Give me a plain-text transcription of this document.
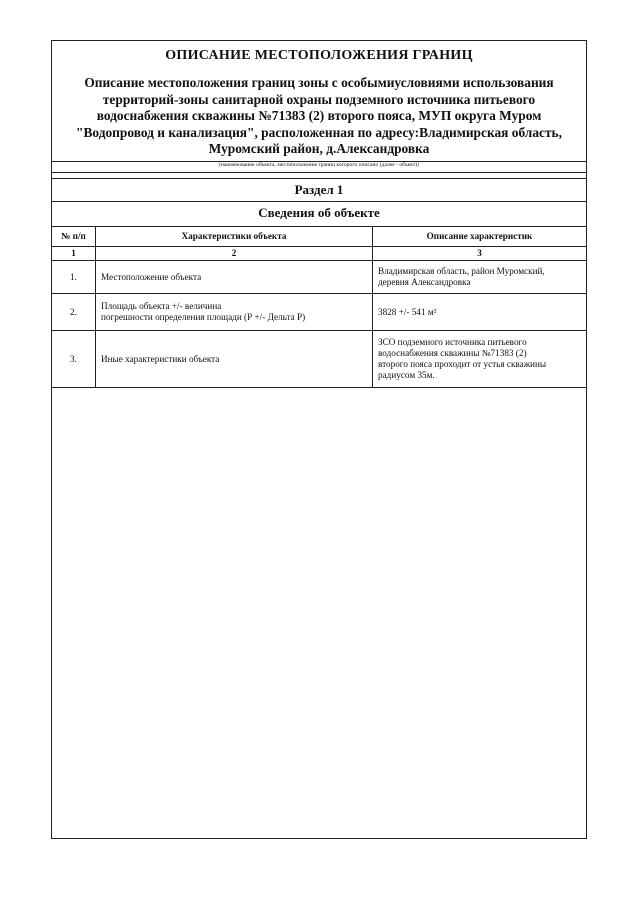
ОПИСАНИЕ МЕСТОПОЛОЖЕНИЯ ГРАНИЦ
Описание местоположения границ зоны с особымиусловиями использования
территорий-зоны санитарной охраны подземного источника питьевого
водоснабжения скважины №71383 (2) второго пояса, МУП округа Муром
"Водопровод и канализация", расположенная по адресу:Владимирская область,
Муромский район, д.Александровка
(наименование объекта, местоположение границ которого описано (далее - объект))
Раздел 1
Сведения об объекте
№ п/п	Характеристики объекта	Описание характеристик
1	2	3
1.	Местоположение объекта	Владимирская область, район Муромский,
деревня Александровка

2.	Площадь объекта +/- величина
погрешности определения площади (Р +/- Дельта Р)	3828 +/- 541 м²

3.	Иные характеристики объекта	ЗСО подземного источника питьевого
водоснабжения скважины №71383 (2)
второго пояса проходит от устья скважины
радиусом 35м.
